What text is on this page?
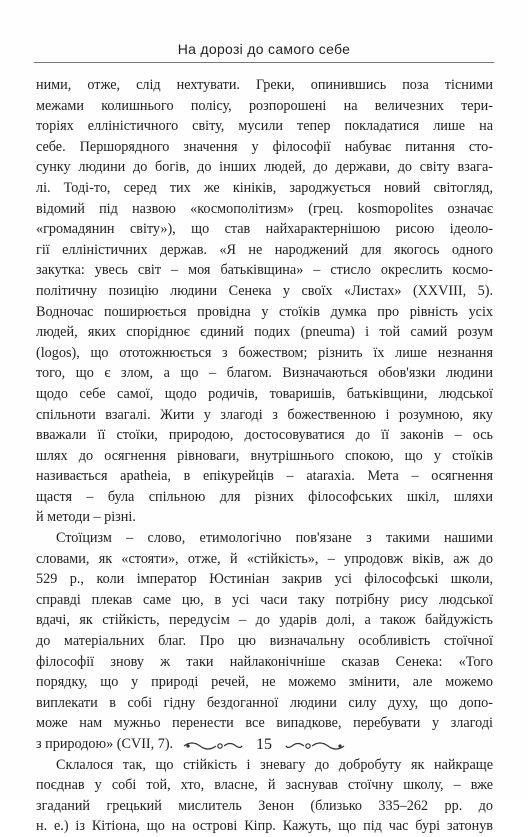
На дорозі до самого себе
ними, отже, слід нехтувати. Греки, опинившись поза тісними
межами колишнього полісу, розпорошені на величезних тери-
торіях елліністичного світу, мусили тепер покладатися лише на
себе. Першорядного значення у філософії набуває питання сто-
сунку людини до богів, до інших людей, до держави, до світу взага-
лі. Тоді-то, серед тих же кініків, зароджується новий світогляд,
відомий під назвою «космополітизм» (грец. kosmopolites означає
«громадянин світу»), що став найхарактернішою рисою ідеоло-
гії елліністичних держав. «Я не народжений для якогось одного
закутка: увесь світ – моя батьківщина» – стисло окреслить космо-
політичну позицію людини Сенека у своїх «Листах» (XXVIII, 5).
Водночас поширюється провідна у стоїків думка про рівність усіх
людей, яких споріднює єдиний подих (pneuma) і той самий розум
(logos), що ототожнюється з божеством; різнить їх лише незнання
того, що є злом, а що – благом. Визначаються обов'язки людини
щодо себе самої, щодо родичів, товаришів, батьківщини, людської
спільноти взагалі. Жити у злагоді з божественною і розумною, яку
вважали її стоїки, природою, достосовуватися до її законів – ось
шлях до осягнення рівноваги, внутрішнього спокою, що у стоїків
називається apatheia, в епікурейців – ataraxia. Мета – осягнення
щастя – була спільною для різних філософських шкіл, шляхи
й методи – різні.
Стоїцизм – слово, етимологічно пов'язане з такими нашими
словами, як «стояти», отже, й «стійкість», – упродовж віків, аж до
529 р., коли імператор Юстиніан закрив усі філософські школи,
справді плекав саме цю, в усі часи таку потрібну рису людської
вдачі, як стійкість, передусім – до ударів долі, а також байдужість
до матеріальних благ. Про цю визначальну особливість стоїчної
філософії знову ж таки найлаконічніше сказав Сенека: «Того
порядку, що у природі речей, не можемо змінити, але можемо
виплекати в собі гідну бездоганної людини силу духу, що допо-
може нам мужньо перенести все випадкове, перебувати у злагоді
з природою» (CVII, 7).
Склалося так, що стійкість і зневагу до добробуту як найкраще
поєднав у собі той, хто, власне, й заснував стоїчну школу, – вже
згаданий грецький мислитель Зенон (близько 335–262 рр. до
н. е.) із Кітіона, що на острові Кіпр. Кажуть, що під час бурі затонув
15
